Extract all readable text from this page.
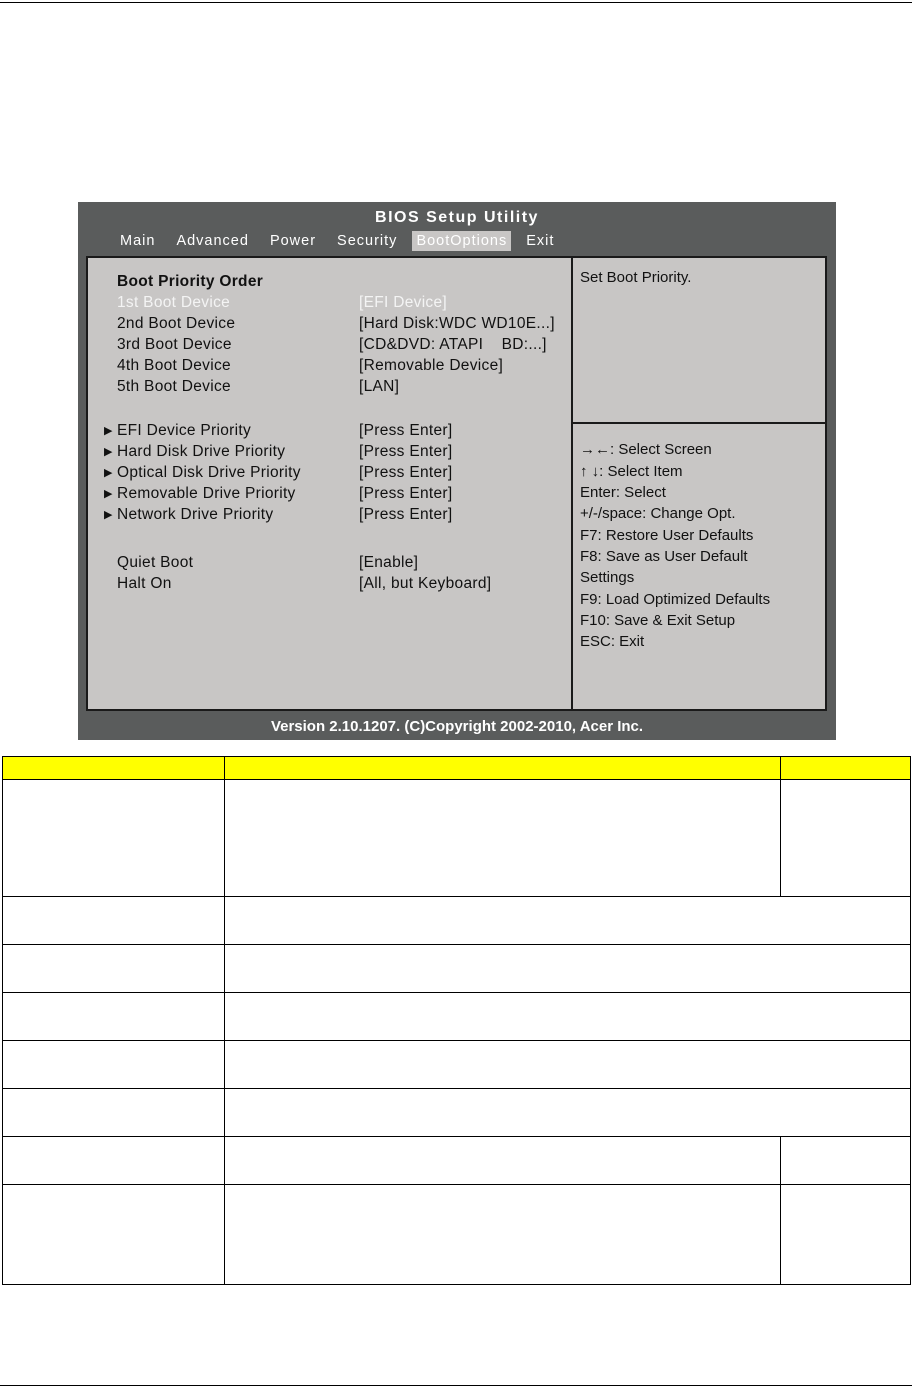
BIOS Setup Utility
Main	Advanced	Power	Security	BootOptions	Exit
Boot Priority Order
1st Boot Device	[EFI Device]
2nd Boot Device	[Hard Disk:WDC WD10E...]
3rd Boot Device	[CD&DVD: ATAPI    BD:...]
4th Boot Device	[Removable Device]
5th Boot Device	[LAN]
▶ EFI Device Priority	[Press Enter]
▶ Hard Disk Drive Priority	[Press Enter]
▶ Optical Disk Drive Priority	[Press Enter]
▶ Removable Drive Priority	[Press Enter]
▶ Network Drive Priority	[Press Enter]
Quiet Boot	[Enable]
Halt On	[All, but Keyboard]
Set Boot Priority.
→←: Select Screen
↑ ↓: Select Item
Enter: Select
+/-/space: Change Opt.
F7: Restore User Defaults
F8: Save as User Default
Settings
F9: Load Optimized Defaults
F10: Save & Exit Setup
ESC: Exit
Version 2.10.1207. (C)Copyright 2002-2010, Acer Inc.
